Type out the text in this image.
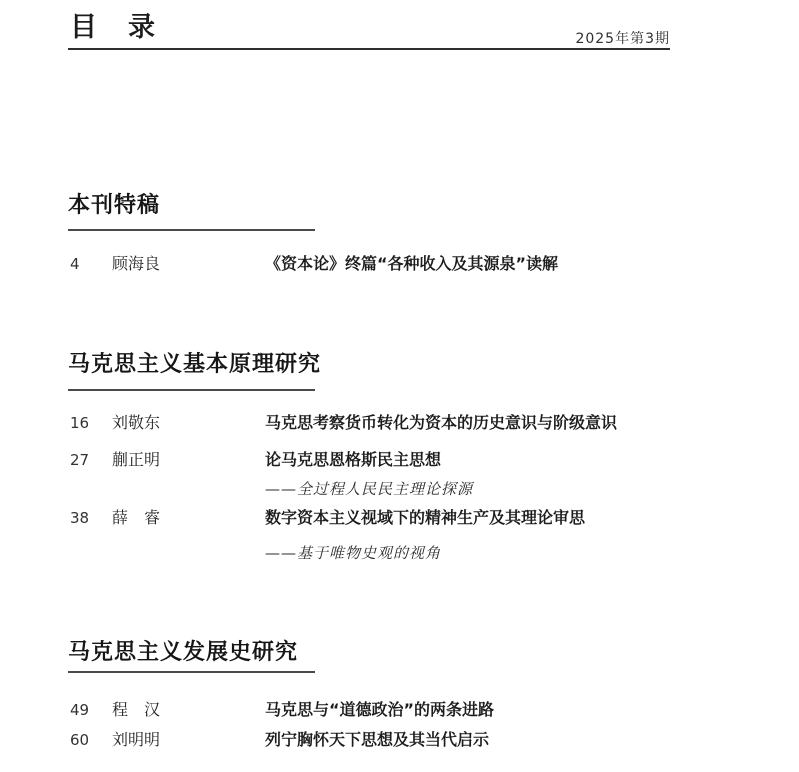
目　录	2025年第3期
本刊特稿
4	顾海良	《资本论》终篇“各种收入及其源泉”读解
马克思主义基本原理研究
16	刘敬东	马克思考察货币转化为资本的历史意识与阶级意识
27	蒯正明	论马克思恩格斯民主思想
——全过程人民民主理论探源
38	薛　睿	数字资本主义视域下的精神生产及其理论审思
——基于唯物史观的视角
马克思主义发展史研究
49	程　汉	马克思与“道德政治”的两条进路
60	刘明明	列宁胸怀天下思想及其当代启示
